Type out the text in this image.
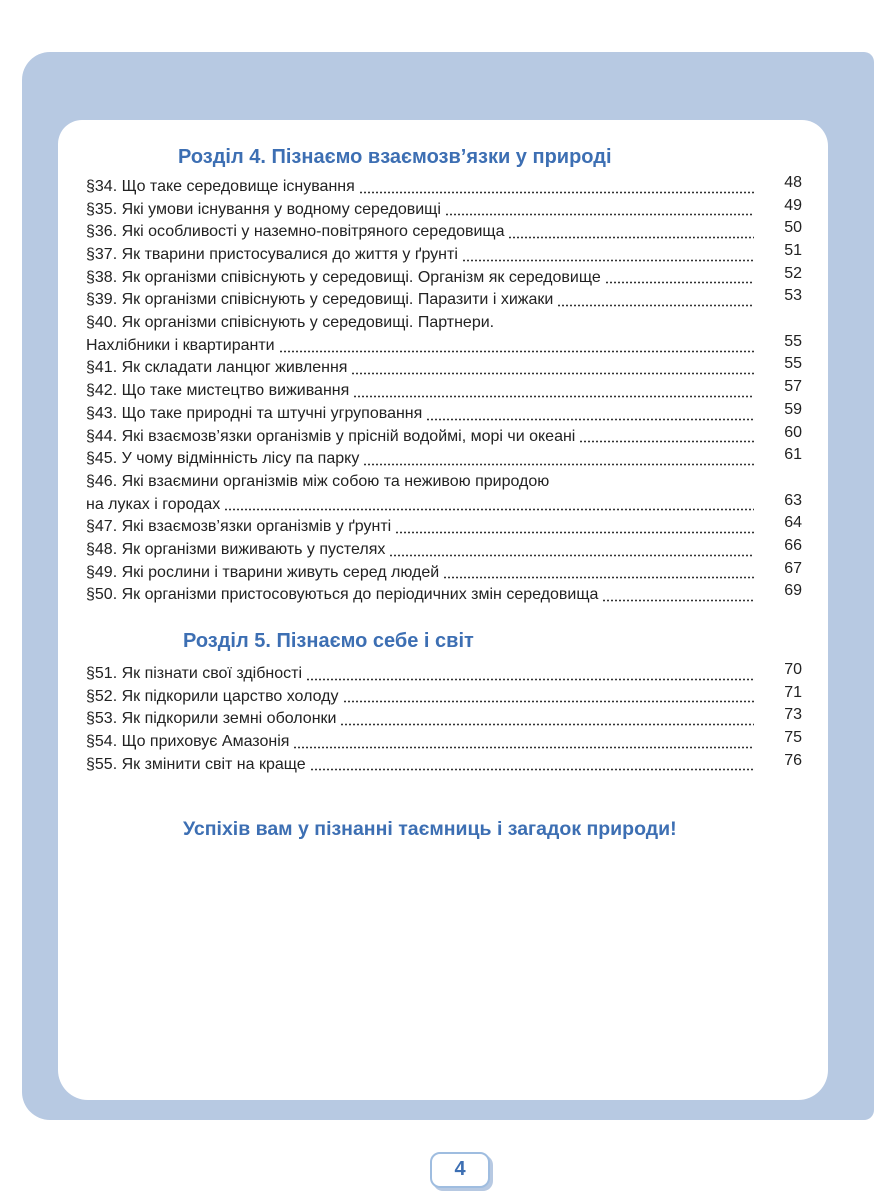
Розділ 4. Пізнаємо взаємозв’язки у природі
§34. Що таке середовище існування	48
§35. Які умови існування у водному середовищі	49
§36. Які особливості у наземно-повітряного середовища	50
§37. Як тварини пристосувалися до життя у ґрунті	51
§38. Як організми співіснують у середовищі. Організм як середовище	52
§39. Як організми співіснують у середовищі. Паразити і хижаки	53
§40. Як організми співіснують у середовищі. Партнери.
Нахлібники і квартиранти	55
§41. Як складати ланцюг живлення	55
§42. Що таке мистецтво виживання	57
§43. Що таке природні та штучні угруповання	59
§44. Які взаємозв’язки організмів у прісній водоймі, морі чи океані	60
§45. У чому відмінність лісу па парку	61
§46. Які взаємини організмів між собою та неживою природою
на луках і городах	63
§47. Які взаємозв’язки організмів у ґрунті	64
§48. Як організми виживають у пустелях	66
§49. Які рослини і тварини живуть серед людей	67
§50. Як організми пристосовуються до періодичних змін середовища	69
Розділ 5. Пізнаємо себе і світ
§51. Як пізнати свої здібності	70
§52. Як підкорили царство холоду	71
§53. Як підкорили земні оболонки	73
§54. Що приховує Амазонія	75
§55. Як змінити світ на краще	76

Успіхів вам у пізнанні таємниць і загадок природи!

4
